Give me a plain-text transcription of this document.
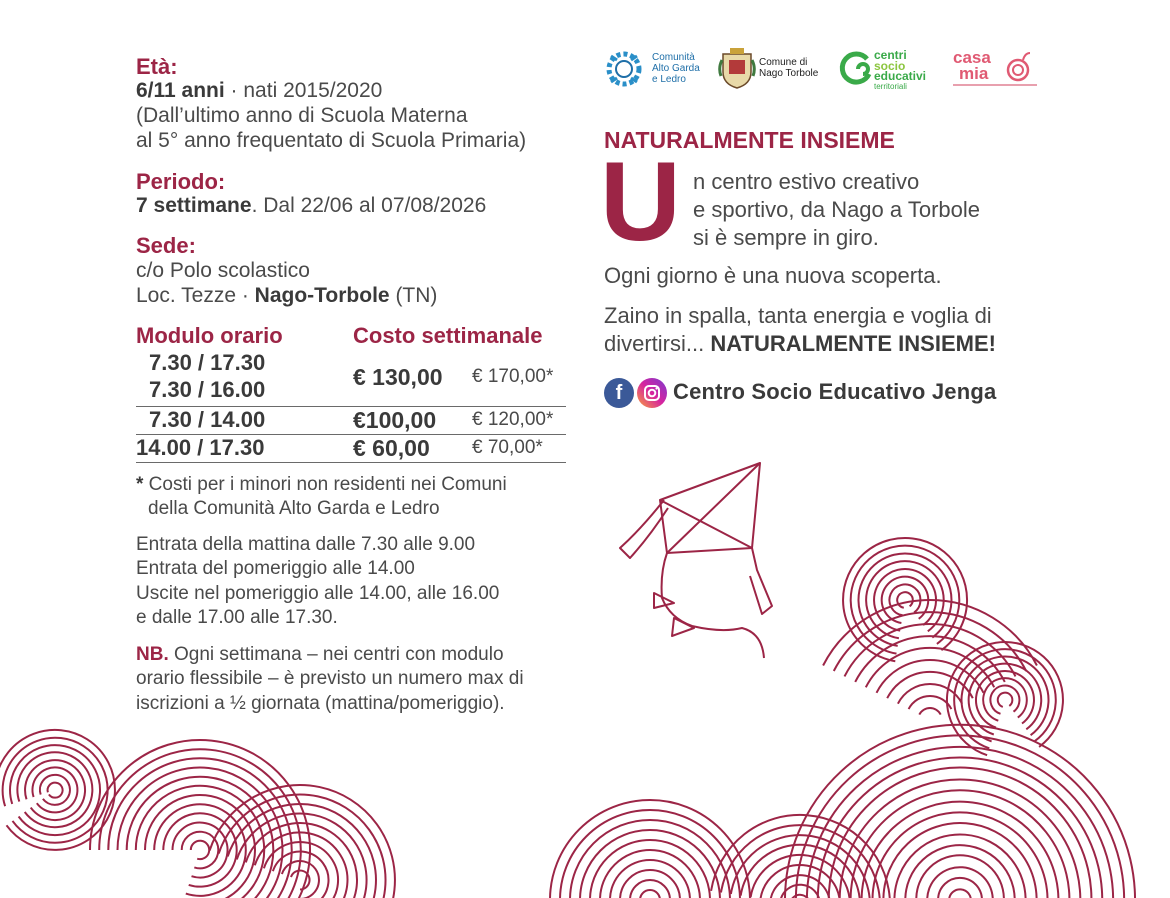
Età:
6/11 anni · nati 2015/2020
(Dall’ultimo anno di Scuola Materna
al 5° anno frequentato di Scuola Primaria)
Periodo:
7 settimane. Dal 22/06 al 07/08/2026
Sede:
c/o Polo scolastico
Loc. Tezze · Nago-Torbole (TN)
Modulo orario	Costo settimanale
7.30 / 17.30
7.30 / 16.00	€ 130,00 € 170,00*
7.30 / 14.00	€100,00 € 120,00*
14.00 / 17.30	€ 60,00 € 70,00*
* Costi per i minori non residenti nei Comuni
della Comunità Alto Garda e Ledro
Entrata della mattina dalle 7.30 alle 9.00
Entrata del pomeriggio alle 14.00
Uscite nel pomeriggio alle 14.00, alle 16.00
e dalle 17.00 alle 17.30.
NB. Ogni settimana – nei centri con modulo
orario flessibile – è previsto un numero max di
iscrizioni a ½ giornata (mattina/pomeriggio).
Comunità
Alto Garda
e Ledro
Comune di
Nago Torbole
centri
socio
educativi
territoriali
casa
mia
NATURALMENTE INSIEME
U n centro estivo creativo
e sportivo, da Nago a Torbole
si è sempre in giro.
Ogni giorno è una nuova scoperta.
Zaino in spalla, tanta energia e voglia di
divertirsi... NATURALMENTE INSIEME!
f	Centro Socio Educativo Jenga
